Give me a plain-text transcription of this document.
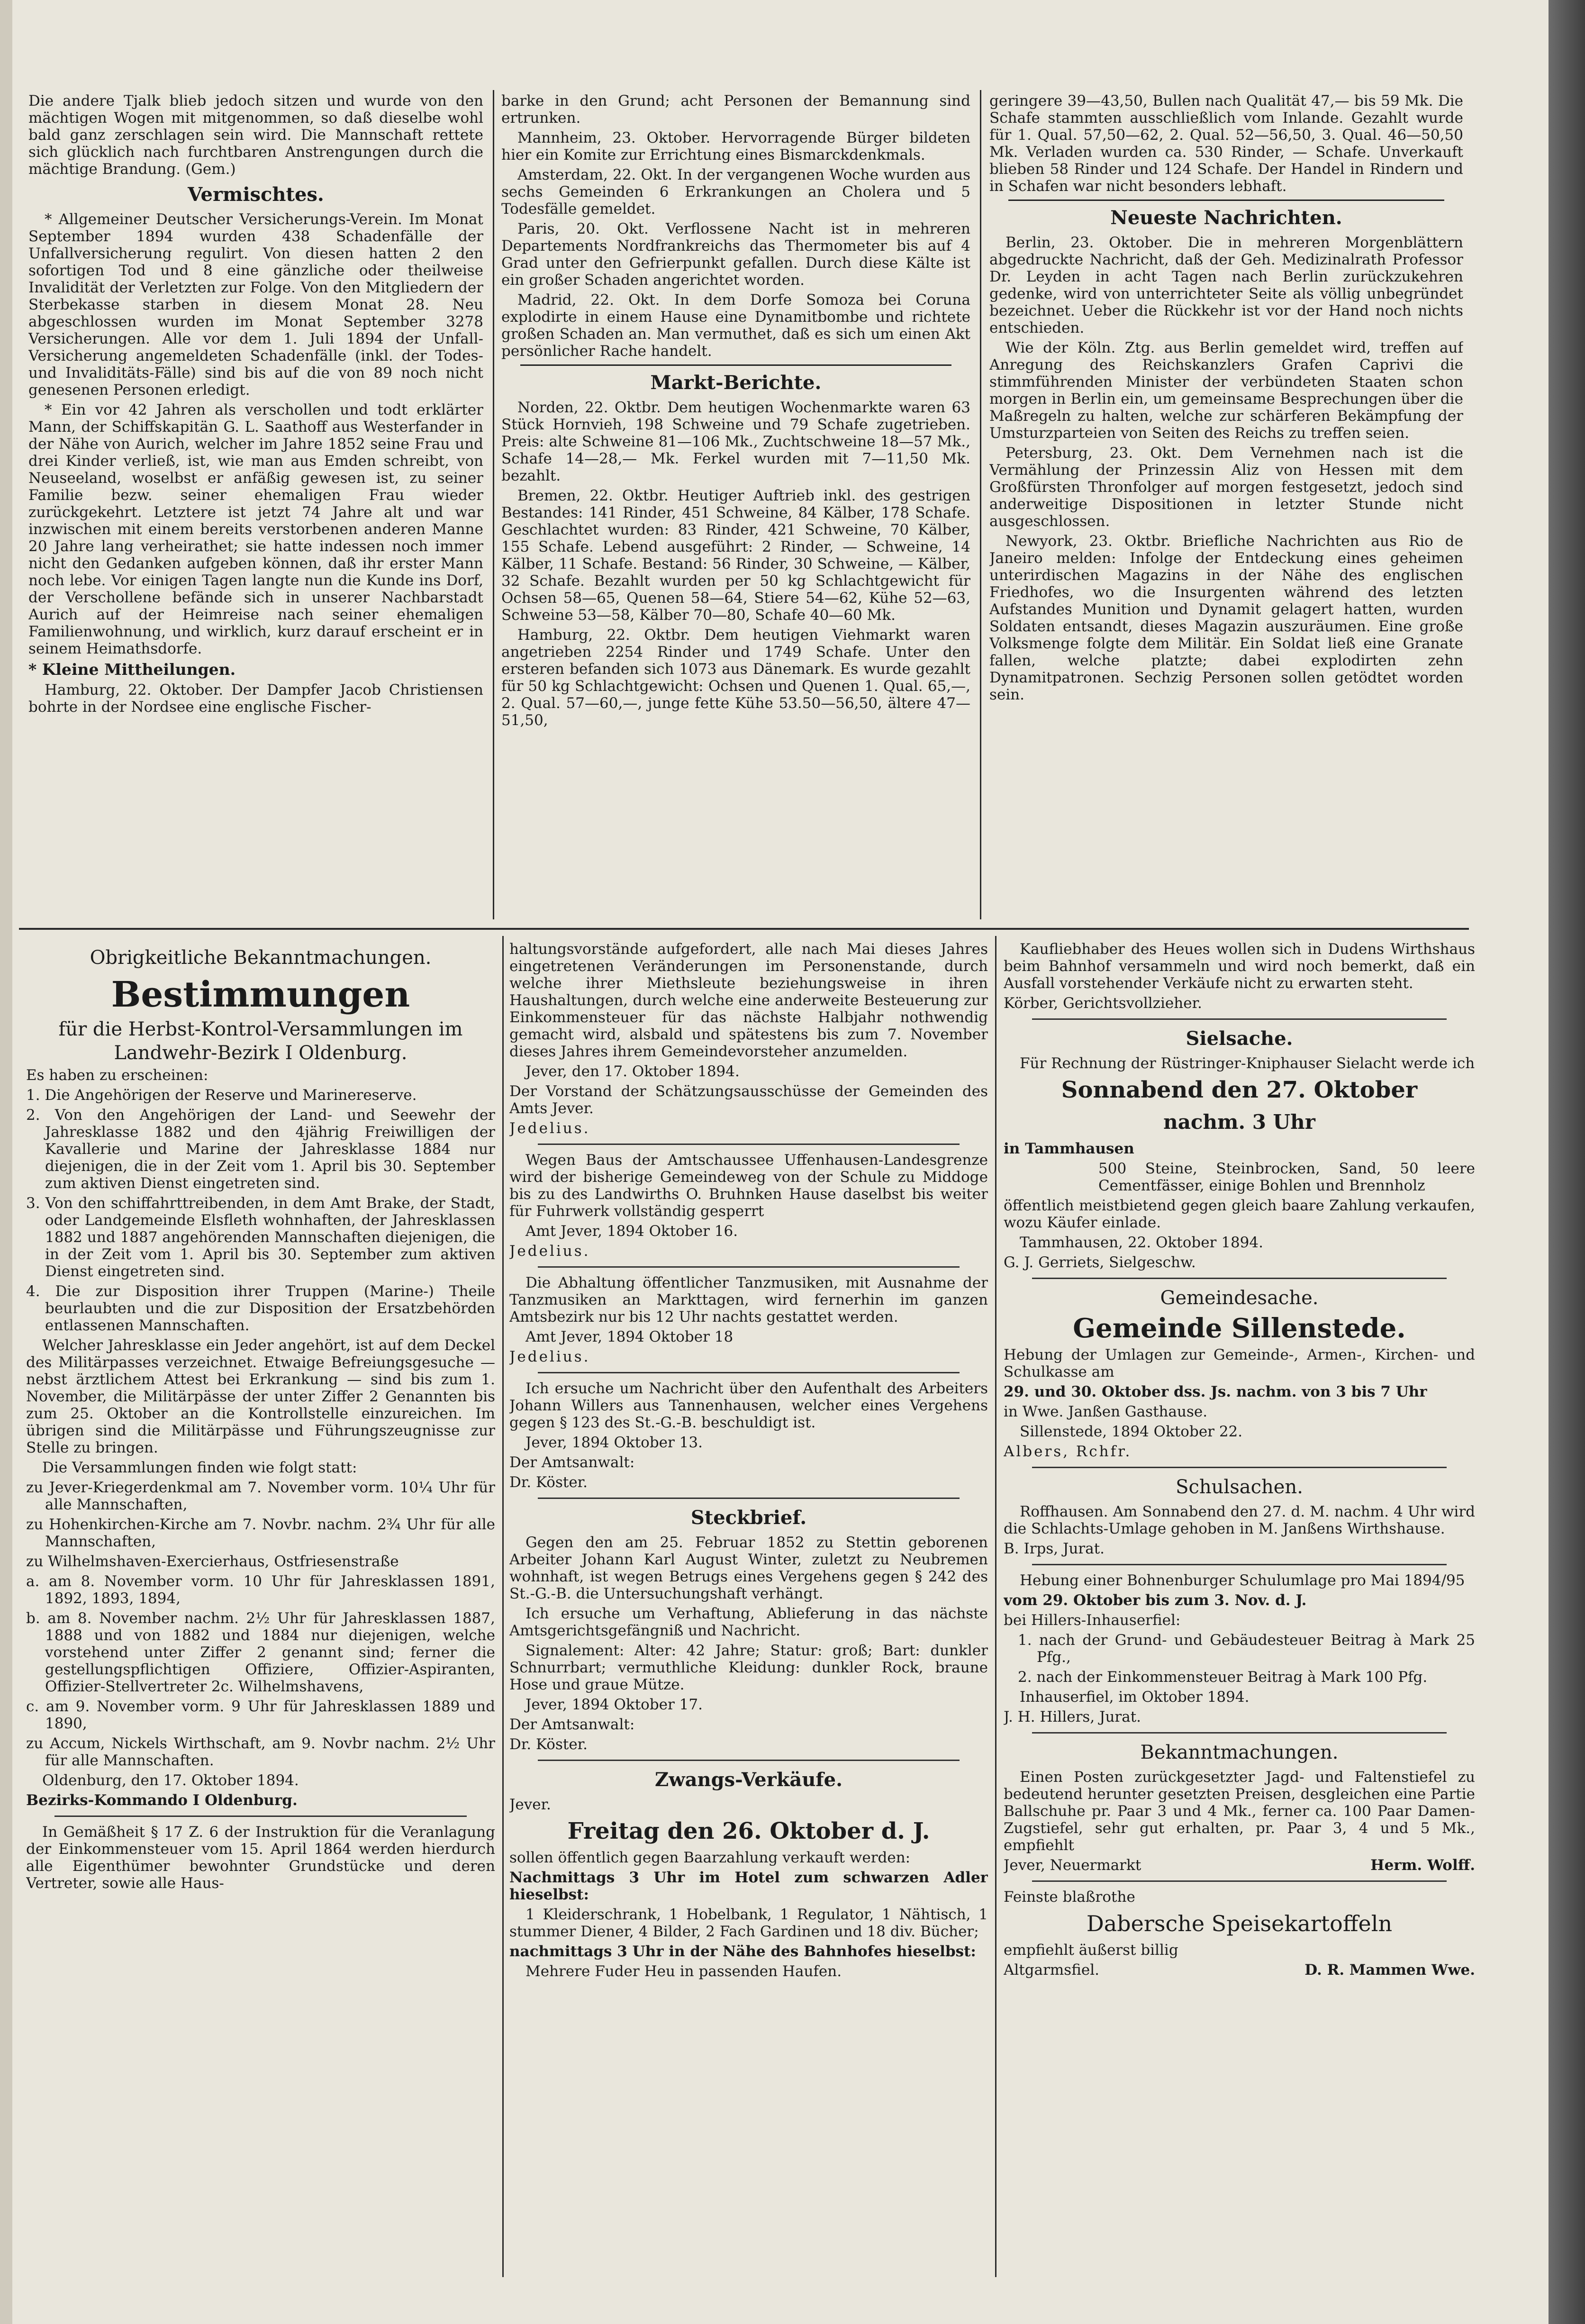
Die andere Tjalk blieb jedoch sitzen und wurde von den mächtigen Wogen mit mitgenommen, so daß dieselbe wohl bald ganz zerschlagen sein wird. Die Mannschaft rettete sich glücklich nach furchtbaren Anstrengungen durch die mächtige Brandung. (Gem.)

Vermischtes.

* Allgemeiner Deutscher Versicherungs-Verein. Im Monat September 1894 wurden 438 Schadenfälle der Unfallversicherung regulirt. Von diesen hatten 2 den sofortigen Tod und 8 eine gänzliche oder theilweise Invalidität der Verletzten zur Folge. Von den Mitgliedern der Sterbekasse starben in diesem Monat 28. Neu abgeschlossen wurden im Monat September 3278 Versicherungen. Alle vor dem 1. Juli 1894 der Unfall-Versicherung angemeldeten Schadenfälle (inkl. der Todes- und Invaliditäts-Fälle) sind bis auf die von 89 noch nicht genesenen Personen erledigt.

* Ein vor 42 Jahren als verschollen und todt erklärter Mann, der Schiffskapitän G. L. Saathoff aus Westerfander in der Nähe von Aurich, welcher im Jahre 1852 seine Frau und drei Kinder verließ, ist, wie man aus Emden schreibt, von Neuseeland, woselbst er anfäßig gewesen ist, zu seiner Familie bezw. seiner ehemaligen Frau wieder zurückgekehrt. Letztere ist jetzt 74 Jahre alt und war inzwischen mit einem bereits verstorbenen anderen Manne 20 Jahre lang verheirathet; sie hatte indessen noch immer nicht den Gedanken aufgeben können, daß ihr erster Mann noch lebe. Vor einigen Tagen langte nun die Kunde ins Dorf, der Verschollene befände sich in unserer Nachbarstadt Aurich auf der Heimreise nach seiner ehemaligen Familienwohnung, und wirklich, kurz darauf erscheint er in seinem Heimathsdorfe.

* Kleine Mittheilungen.

Hamburg, 22. Oktober. Der Dampfer Jacob Christiensen bohrte in der Nordsee eine englische Fischer-

barke in den Grund; acht Personen der Bemannung sind ertrunken.

Mannheim, 23. Oktober. Hervorragende Bürger bildeten hier ein Komite zur Errichtung eines Bismarckdenkmals.

Amsterdam, 22. Okt. In der vergangenen Woche wurden aus sechs Gemeinden 6 Erkrankungen an Cholera und 5 Todesfälle gemeldet.

Paris, 20. Okt. Verflossene Nacht ist in mehreren Departements Nordfrankreichs das Thermometer bis auf 4 Grad unter den Gefrierpunkt gefallen. Durch diese Kälte ist ein großer Schaden angerichtet worden.

Madrid, 22. Okt. In dem Dorfe Somoza bei Coruna explodirte in einem Hause eine Dynamitbombe und richtete großen Schaden an. Man vermuthet, daß es sich um einen Akt persönlicher Rache handelt.

Markt-Berichte.

Norden, 22. Oktbr. Dem heutigen Wochenmarkte waren 63 Stück Hornvieh, 198 Schweine und 79 Schafe zugetrieben. Preis: alte Schweine 81—106 Mk., Zuchtschweine 18—57 Mk., Schafe 14—28,— Mk. Ferkel wurden mit 7—11,50 Mk. bezahlt.

Bremen, 22. Oktbr. Heutiger Auftrieb inkl. des gestrigen Bestandes: 141 Rinder, 451 Schweine, 84 Kälber, 178 Schafe. Geschlachtet wurden: 83 Rinder, 421 Schweine, 70 Kälber, 155 Schafe. Lebend ausgeführt: 2 Rinder, — Schweine, 14 Kälber, 11 Schafe. Bestand: 56 Rinder, 30 Schweine, — Kälber, 32 Schafe. Bezahlt wurden per 50 kg Schlachtgewicht für Ochsen 58—65, Quenen 58—64, Stiere 54—62, Kühe 52—63, Schweine 53—58, Kälber 70—80, Schafe 40—60 Mk.

Hamburg, 22. Oktbr. Dem heutigen Viehmarkt waren angetrieben 2254 Rinder und 1749 Schafe. Unter den ersteren befanden sich 1073 aus Dänemark. Es wurde gezahlt für 50 kg Schlachtgewicht: Ochsen und Quenen 1. Qual. 65,—, 2. Qual. 57—60,—, junge fette Kühe 53.50—56,50, ältere 47—51,50,

geringere 39—43,50, Bullen nach Qualität 47,— bis 59 Mk. Die Schafe stammten ausschließlich vom Inlande. Gezahlt wurde für 1. Qual. 57,50—62, 2. Qual. 52—56,50, 3. Qual. 46—50,50 Mk. Verladen wurden ca. 530 Rinder, — Schafe. Unverkauft blieben 58 Rinder und 124 Schafe. Der Handel in Rindern und in Schafen war nicht besonders lebhaft.

Neueste Nachrichten.

Berlin, 23. Oktober. Die in mehreren Morgenblättern abgedruckte Nachricht, daß der Geh. Medizinalrath Professor Dr. Leyden in acht Tagen nach Berlin zurückzukehren gedenke, wird von unterrichteter Seite als völlig unbegründet bezeichnet. Ueber die Rückkehr ist vor der Hand noch nichts entschieden.

Wie der Köln. Ztg. aus Berlin gemeldet wird, treffen auf Anregung des Reichskanzlers Grafen Caprivi die stimmführenden Minister der verbündeten Staaten schon morgen in Berlin ein, um gemeinsame Besprechungen über die Maßregeln zu halten, welche zur schärferen Bekämpfung der Umsturzparteien von Seiten des Reichs zu treffen seien.

Petersburg, 23. Okt. Dem Vernehmen nach ist die Vermählung der Prinzessin Aliz von Hessen mit dem Großfürsten Thronfolger auf morgen festgesetzt, jedoch sind anderweitige Dispositionen in letzter Stunde nicht ausgeschlossen.

Newyork, 23. Oktbr. Briefliche Nachrichten aus Rio de Janeiro melden: Infolge der Entdeckung eines geheimen unterirdischen Magazins in der Nähe des englischen Friedhofes, wo die Insurgenten während des letzten Aufstandes Munition und Dynamit gelagert hatten, wurden Soldaten entsandt, dieses Magazin auszuräumen. Eine große Volksmenge folgte dem Militär. Ein Soldat ließ eine Granate fallen, welche platzte; dabei explodirten zehn Dynamitpatronen. Sechzig Personen sollen getödtet worden sein.

Obrigkeitliche Bekanntmachungen.
Bestimmungen
für die Herbst-Kontrol-Versammlungen im Landwehr-Bezirk I Oldenburg.

Es haben zu erscheinen:

1. Die Angehörigen der Reserve und Marinereserve.

2. Von den Angehörigen der Land- und Seewehr der Jahresklasse 1882 und den 4jährig Freiwilligen der Kavallerie und Marine der Jahresklasse 1884 nur diejenigen, die in der Zeit vom 1. April bis 30. September zum aktiven Dienst eingetreten sind.

3. Von den schiffahrttreibenden, in dem Amt Brake, der Stadt, oder Landgemeinde Elsfleth wohnhaften, der Jahresklassen 1882 und 1887 angehörenden Mannschaften diejenigen, die in der Zeit vom 1. April bis 30. September zum aktiven Dienst eingetreten sind.

4. Die zur Disposition ihrer Truppen (Marine-) Theile beurlaubten und die zur Disposition der Ersatzbehörden entlassenen Mannschaften.

Welcher Jahresklasse ein Jeder angehört, ist auf dem Deckel des Militärpasses verzeichnet. Etwaige Befreiungsgesuche — nebst ärztlichem Attest bei Erkrankung — sind bis zum 1. November, die Militärpässe der unter Ziffer 2 Genannten bis zum 25. Oktober an die Kontrollstelle einzureichen. Im übrigen sind die Militärpässe und Führungszeugnisse zur Stelle zu bringen.

Die Versammlungen finden wie folgt statt:

zu Jever-Kriegerdenkmal am 7. November vorm. 10¼ Uhr für alle Mannschaften,

zu Hohenkirchen-Kirche am 7. Novbr. nachm. 2¾ Uhr für alle Mannschaften,

zu Wilhelmshaven-Exercierhaus, Ostfriesenstraße

a. am 8. November vorm. 10 Uhr für Jahresklassen 1891, 1892, 1893, 1894,

b. am 8. November nachm. 2½ Uhr für Jahresklassen 1887, 1888 und von 1882 und 1884 nur diejenigen, welche vorstehend unter Ziffer 2 genannt sind; ferner die gestellungspflichtigen Offiziere, Offizier-Aspiranten, Offizier-Stellvertreter 2c. Wilhelmshavens,

c. am 9. November vorm. 9 Uhr für Jahresklassen 1889 und 1890,

zu Accum, Nickels Wirthschaft, am 9. Novbr nachm. 2½ Uhr für alle Mannschaften.

Oldenburg, den 17. Oktober 1894.

Bezirks-Kommando I Oldenburg.

In Gemäßheit § 17 Z. 6 der Instruktion für die Veranlagung der Einkommensteuer vom 15. April 1864 werden hierdurch alle Eigenthümer bewohnter Grundstücke und deren Vertreter, sowie alle Haus-

haltungsvorstände aufgefordert, alle nach Mai dieses Jahres eingetretenen Veränderungen im Personenstande, durch welche ihrer Miethsleute beziehungsweise in ihren Haushaltungen, durch welche eine anderweite Besteuerung zur Einkommensteuer für das nächste Halbjahr nothwendig gemacht wird, alsbald und spätestens bis zum 7. November dieses Jahres ihrem Gemeindevorsteher anzumelden.

Jever, den 17. Oktober 1894.

Der Vorstand der Schätzungsausschüsse der Gemeinden des Amts Jever.

Jedelius.

Wegen Baus der Amtschaussee Uffenhausen-Landesgrenze wird der bisherige Gemeindeweg von der Schule zu Middoge bis zu des Landwirths O. Bruhnken Hause daselbst bis weiter für Fuhrwerk vollständig gesperrt

Amt Jever, 1894 Oktober 16.

Jedelius.

Die Abhaltung öffentlicher Tanzmusiken, mit Ausnahme der Tanzmusiken an Markttagen, wird fernerhin im ganzen Amtsbezirk nur bis 12 Uhr nachts gestattet werden.

Amt Jever, 1894 Oktober 18

Jedelius.

Ich ersuche um Nachricht über den Aufenthalt des Arbeiters Johann Willers aus Tannenhausen, welcher eines Vergehens gegen § 123 des St.-G.-B. beschuldigt ist.

Jever, 1894 Oktober 13.

Der Amtsanwalt:

Dr. Köster.

Steckbrief.

Gegen den am 25. Februar 1852 zu Stettin geborenen Arbeiter Johann Karl August Winter, zuletzt zu Neubremen wohnhaft, ist wegen Betrugs eines Vergehens gegen § 242 des St.-G.-B. die Untersuchungshaft verhängt.

Ich ersuche um Verhaftung, Ablieferung in das nächste Amtsgerichtsgefängniß und Nachricht.

Signalement: Alter: 42 Jahre; Statur: groß; Bart: dunkler Schnurrbart; vermuthliche Kleidung: dunkler Rock, braune Hose und graue Mütze.

Jever, 1894 Oktober 17.

Der Amtsanwalt:

Dr. Köster.

Zwangs-Verkäufe.

Jever.

Freitag den 26. Oktober d. J.

sollen öffentlich gegen Baarzahlung verkauft werden:

Nachmittags 3 Uhr im Hotel zum schwarzen Adler hieselbst:

1 Kleiderschrank, 1 Hobelbank, 1 Regulator, 1 Nähtisch, 1 stummer Diener, 4 Bilder, 2 Fach Gardinen und 18 div. Bücher;

nachmittags 3 Uhr in der Nähe des Bahnhofes hieselbst:

Mehrere Fuder Heu in passenden Haufen.

Kaufliebhaber des Heues wollen sich in Dudens Wirthshaus beim Bahnhof versammeln und wird noch bemerkt, daß ein Ausfall vorstehender Verkäufe nicht zu erwarten steht.

Körber, Gerichtsvollzieher.

Sielsache.

Für Rechnung der Rüstringer-Kniphauser Sielacht werde ich

Sonnabend den 27. Oktober
nachm. 3 Uhr

in Tammhausen

500 Steine, Steinbrocken, Sand, 50 leere Cementfässer, einige Bohlen und Brennholz

öffentlich meistbietend gegen gleich baare Zahlung verkaufen, wozu Käufer einlade.

Tammhausen, 22. Oktober 1894.

G. J. Gerriets, Sielgeschw.

Gemeindesache.
Gemeinde Sillenstede.

Hebung der Umlagen zur Gemeinde-, Armen-, Kirchen- und Schulkasse am

29. und 30. Oktober dss. Js. nachm. von 3 bis 7 Uhr

in Wwe. Janßen Gasthause.

Sillenstede, 1894 Oktober 22.

Albers, Rchfr.

Schulsachen.

Roffhausen. Am Sonnabend den 27. d. M. nachm. 4 Uhr wird die Schlachts-Umlage gehoben in M. Janßens Wirthshause.

B. Irps, Jurat.

Hebung einer Bohnenburger Schulumlage pro Mai 1894/95

vom 29. Oktober bis zum 3. Nov. d. J.

bei Hillers-Inhauserfiel:

1. nach der Grund- und Gebäudesteuer Beitrag à Mark 25 Pfg.,

2. nach der Einkommensteuer Beitrag à Mark 100 Pfg.

Inhauserfiel, im Oktober 1894.

J. H. Hillers, Jurat.

Bekanntmachungen.

Einen Posten zurückgesetzter Jagd- und Faltenstiefel zu bedeutend herunter gesetzten Preisen, desgleichen eine Partie Ballschuhe pr. Paar 3 und 4 Mk., ferner ca. 100 Paar Damen-Zugstiefel, sehr gut erhalten, pr. Paar 3, 4 und 5 Mk., empfiehlt

Jever, Neuermarkt	Herm. Wolff.

Feinste blaßrothe

Dabersche Speisekartoffeln

empfiehlt äußerst billig

Altgarmsfiel.	D. R. Mammen Wwe.
